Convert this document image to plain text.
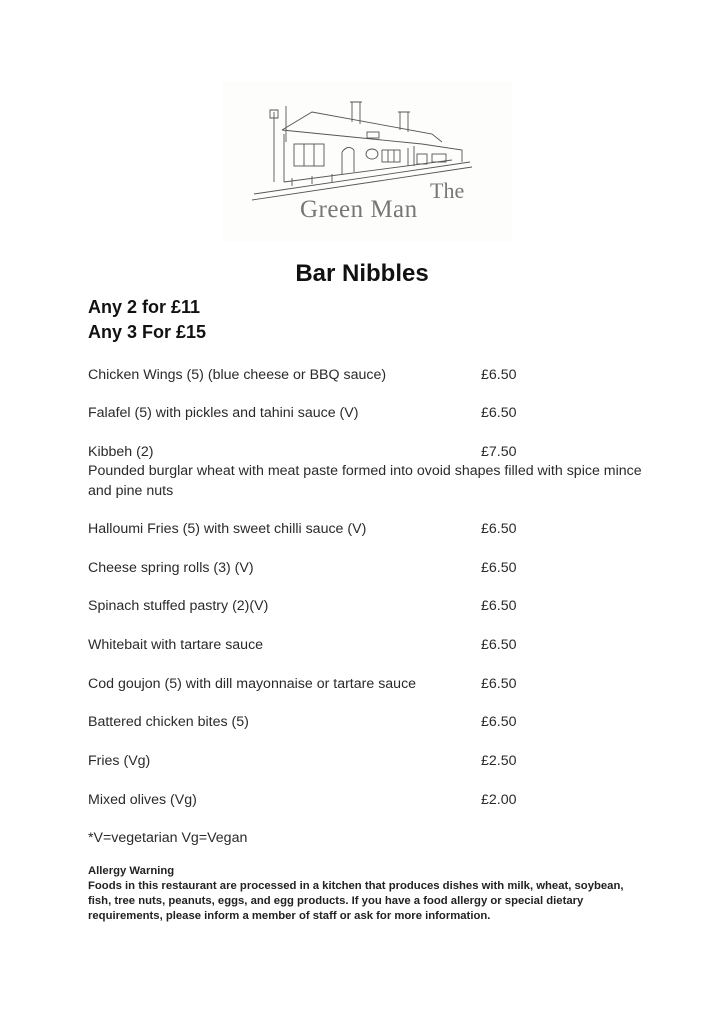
The
Green Man
Bar Nibbles
Any 2 for £11
Any 3 For £15
Chicken Wings (5) (blue cheese or BBQ sauce)	£6.50
Falafel (5) with pickles and tahini sauce (V)	£6.50
Kibbeh (2)	£7.50
Pounded burglar wheat with meat paste formed into ovoid shapes filled with spice mince and pine nuts
Halloumi Fries (5) with sweet chilli sauce (V)	£6.50
Cheese spring rolls (3) (V)	£6.50
Spinach stuffed pastry (2)(V)	£6.50
Whitebait with tartare sauce	£6.50
Cod goujon (5) with dill mayonnaise or tartare sauce	£6.50
Battered chicken bites (5)	£6.50
Fries (Vg)	£2.50
Mixed olives (Vg)	£2.00
*V=vegetarian Vg=Vegan
Allergy Warning
Foods in this restaurant are processed in a kitchen that produces dishes with milk, wheat, soybean, fish, tree nuts, peanuts, eggs, and egg products. If you have a food allergy or special dietary requirements, please inform a member of staff or ask for more information.
